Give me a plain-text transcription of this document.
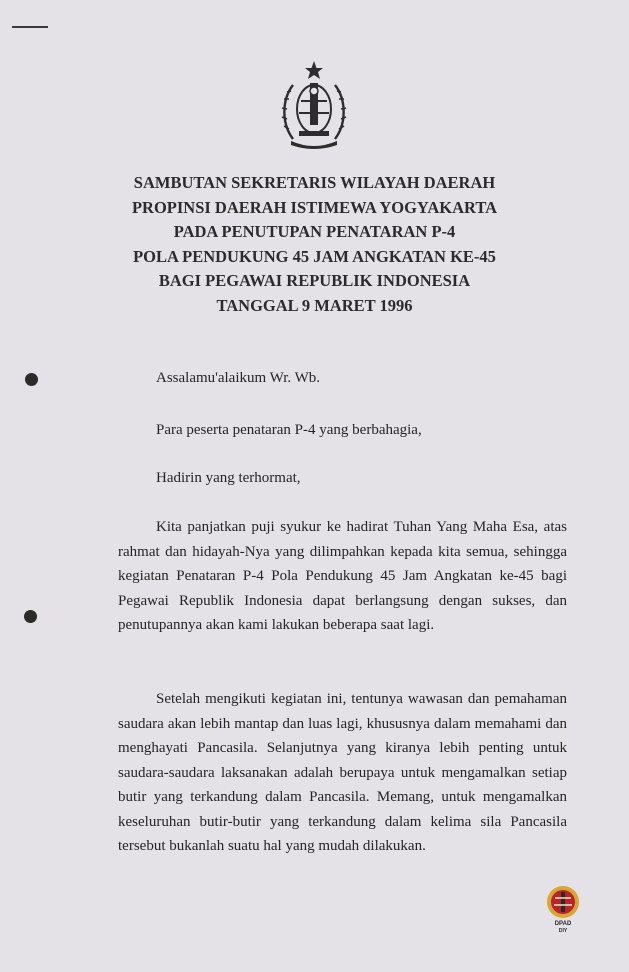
SAMBUTAN SEKRETARIS WILAYAH DAERAH
PROPINSI DAERAH ISTIMEWA YOGYAKARTA
PADA PENUTUPAN PENATARAN P-4
POLA PENDUKUNG 45 JAM ANGKATAN KE-45
BAGI PEGAWAI REPUBLIK INDONESIA
TANGGAL 9 MARET 1996
Assalamu'alaikum Wr. Wb.
Para peserta penataran P-4 yang berbahagia,
Hadirin yang terhormat,

Kita panjatkan puji syukur ke hadirat Tuhan Yang Maha Esa, atas rahmat dan hidayah-Nya yang dilimpahkan kepada kita semua, sehingga kegiatan Penataran P-4 Pola Pendukung 45 Jam Angkatan ke-45 bagi Pegawai Republik Indonesia dapat berlangsung dengan sukses, dan penutupannya akan kami lakukan beberapa saat lagi.

Setelah mengikuti kegiatan ini, tentunya wawasan dan pemahaman saudara akan lebih mantap dan luas lagi, khususnya dalam memahami dan menghayati Pancasila. Selanjutnya yang kiranya lebih penting untuk saudara-saudara laksanakan adalah berupaya untuk mengamalkan setiap butir yang terkandung dalam Pancasila. Memang, untuk mengamalkan keseluruhan butir-butir yang terkandung dalam kelima sila Pancasila tersebut bukanlah suatu hal yang mudah dilakukan.

DPAD
DIY
